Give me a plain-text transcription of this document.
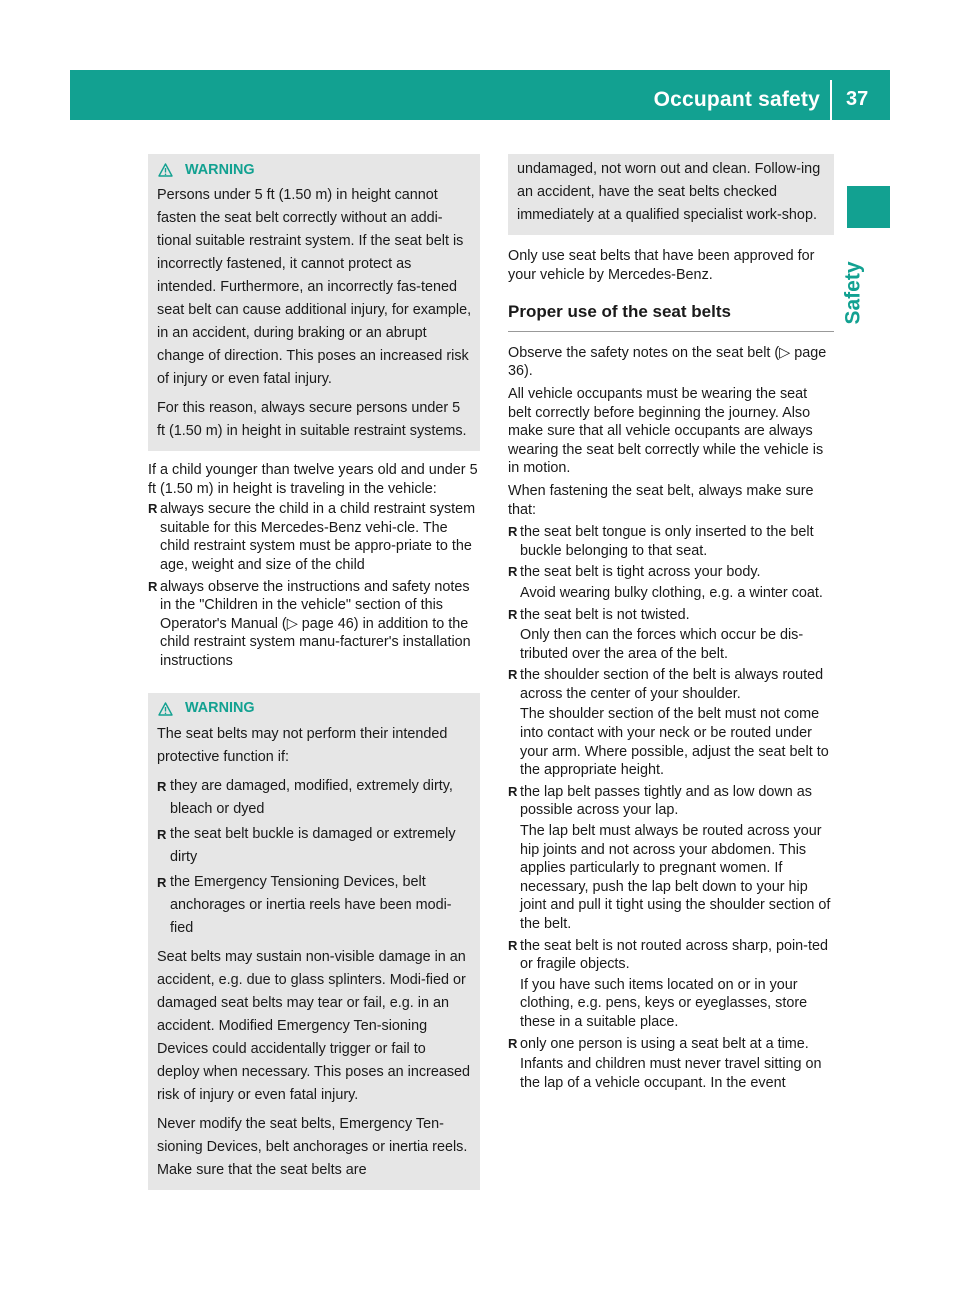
Occupant safety 37
Safety
WARNING

Persons under 5 ft (1.50 m) in height cannot fasten the seat belt correctly without an addi-tional suitable restraint system. If the seat belt is incorrectly fastened, it cannot protect as intended. Furthermore, an incorrectly fas-tened seat belt can cause additional injury, for example, in an accident, during braking or an abrupt change of direction. This poses an increased risk of injury or even fatal injury.

For this reason, always secure persons under 5 ft (1.50 m) in height in suitable restraint systems.

If a child younger than twelve years old and under 5 ft (1.50 m) in height is traveling in the vehicle:

R always secure the child in a child restraint system suitable for this Mercedes-Benz vehi-cle. The child restraint system must be appro-priate to the age, weight and size of the child
R always observe the instructions and safety notes in the "Children in the vehicle" section of this Operator's Manual (▷ page 46) in addition to the child restraint system manu-facturer's installation instructions
WARNING

The seat belts may not perform their intended protective function if:

R they are damaged, modified, extremely dirty, bleach or dyed
R the seat belt buckle is damaged or extremely dirty
R the Emergency Tensioning Devices, belt anchorages or inertia reels have been modi-fied

Seat belts may sustain non-visible damage in an accident, e.g. due to glass splinters. Modi-fied or damaged seat belts may tear or fail, e.g. in an accident. Modified Emergency Ten-sioning Devices could accidentally trigger or fail to deploy when necessary. This poses an increased risk of injury or even fatal injury.

Never modify the seat belts, Emergency Ten-sioning Devices, belt anchorages or inertia reels. Make sure that the seat belts are

undamaged, not worn out and clean. Follow-ing an accident, have the seat belts checked immediately at a qualified specialist work-shop.

Only use seat belts that have been approved for your vehicle by Mercedes-Benz.

Proper use of the seat belts

Observe the safety notes on the seat belt (▷ page 36).

All vehicle occupants must be wearing the seat belt correctly before beginning the journey. Also make sure that all vehicle occupants are always wearing the seat belt correctly while the vehicle is in motion.

When fastening the seat belt, always make sure that:

R the seat belt tongue is only inserted to the belt buckle belonging to that seat.
R the seat belt is tight across your body.
Avoid wearing bulky clothing, e.g. a winter coat.
R the seat belt is not twisted.
Only then can the forces which occur be dis-tributed over the area of the belt.
R the shoulder section of the belt is always routed across the center of your shoulder.
The shoulder section of the belt must not come into contact with your neck or be routed under your arm. Where possible, adjust the seat belt to the appropriate height.
R the lap belt passes tightly and as low down as possible across your lap.
The lap belt must always be routed across your hip joints and not across your abdomen. This applies particularly to pregnant women. If necessary, push the lap belt down to your hip joint and pull it tight using the shoulder section of the belt.
R the seat belt is not routed across sharp, poin-ted or fragile objects.
If you have such items located on or in your clothing, e.g. pens, keys or eyeglasses, store these in a suitable place.
R only one person is using a seat belt at a time.
Infants and children must never travel sitting on the lap of a vehicle occupant. In the event
